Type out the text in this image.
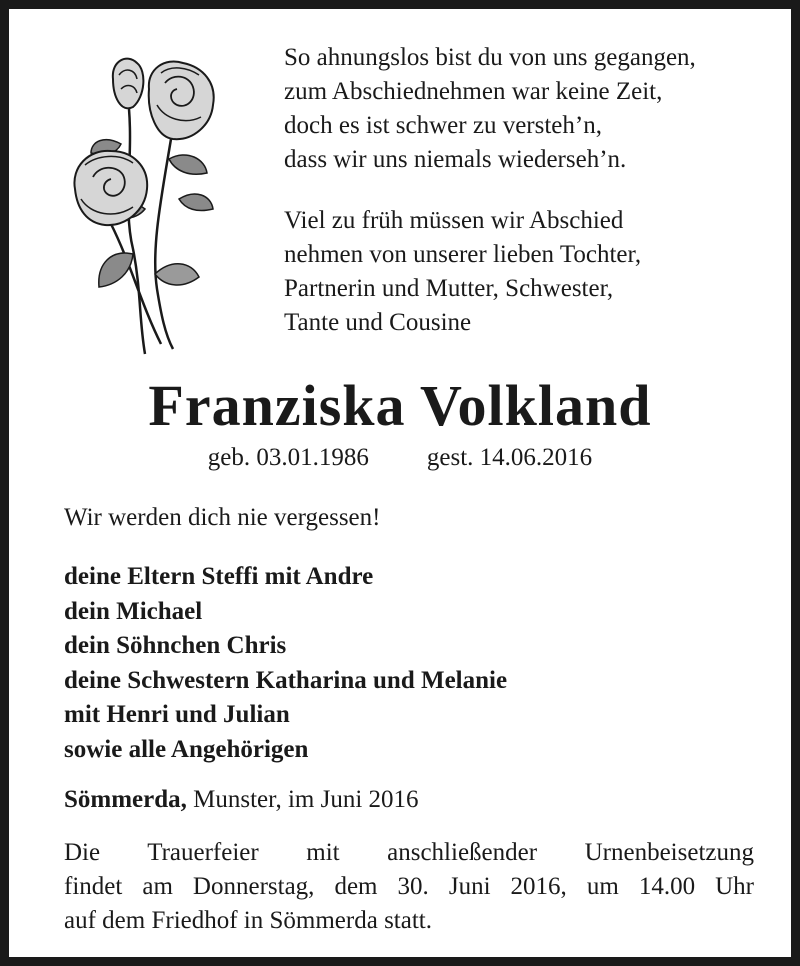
So ahnungslos bist du von uns gegangen,
zum Abschiednehmen war keine Zeit,
doch es ist schwer zu versteh’n,
dass wir uns niemals wiederseh’n.
Viel zu früh müssen wir Abschied
nehmen von unserer lieben Tochter,
Partnerin und Mutter, Schwester,
Tante und Cousine
Franziska Volkland
geb. 03.01.1986 gest. 14.06.2016
Wir werden dich nie vergessen!
deine Eltern Steffi mit Andre
dein Michael
dein Söhnchen Chris
deine Schwestern Katharina und Melanie
mit Henri und Julian
sowie alle Angehörigen
Sömmerda, Munster, im Juni 2016
Die Trauerfeier mit anschließender Urnenbeisetzung
findet am Donnerstag, dem 30. Juni 2016, um 14.00 Uhr
auf dem Friedhof in Sömmerda statt.
